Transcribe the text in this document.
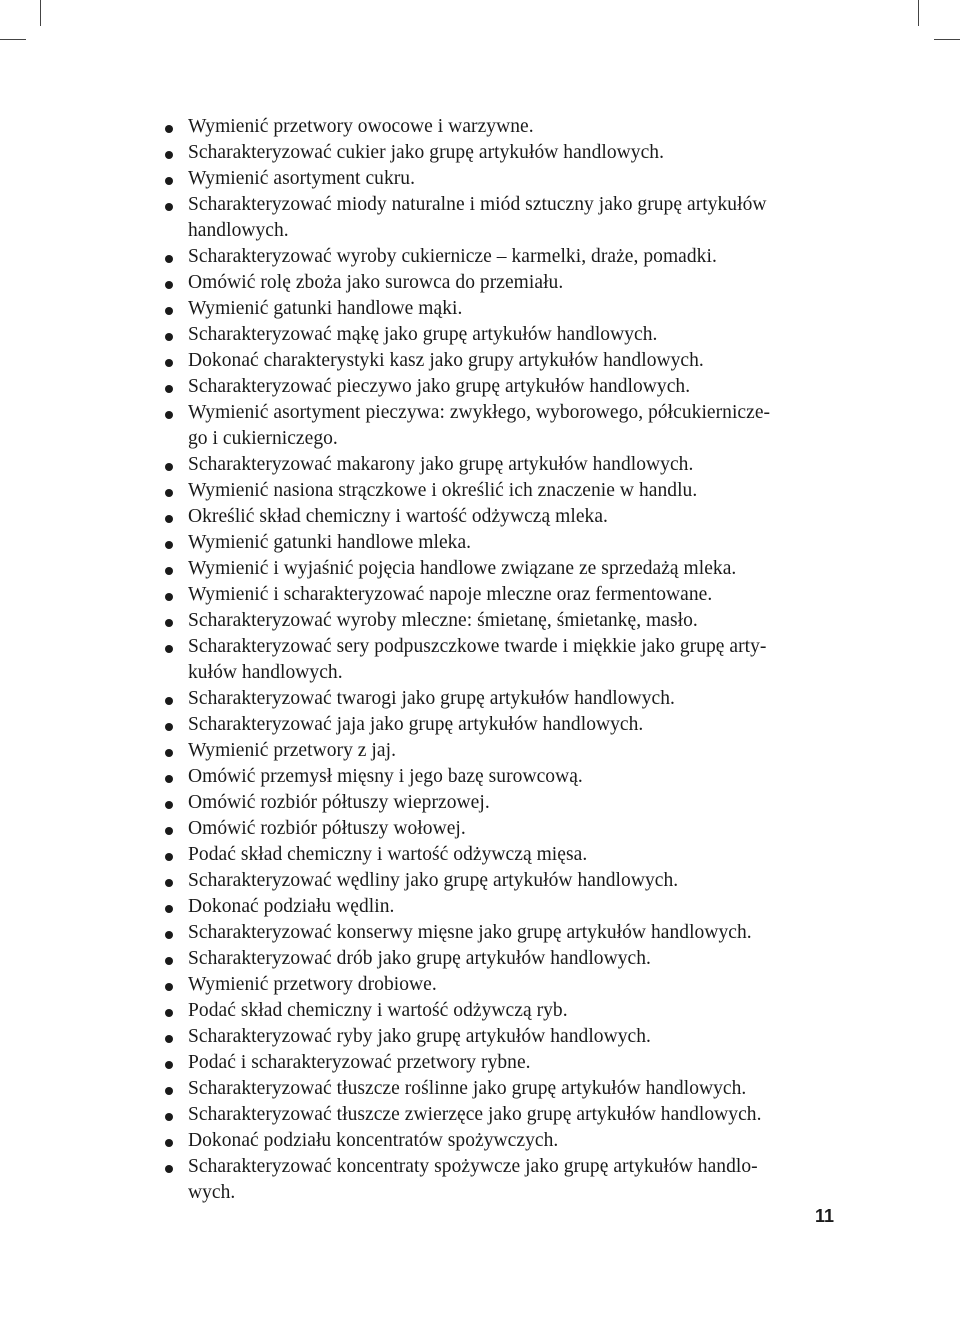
Wymienić przetwory owocowe i warzywne.
Scharakteryzować cukier jako grupę artykułów handlowych.
Wymienić asortyment cukru.
Scharakteryzować miody naturalne i miód sztuczny jako grupę artykułów
handlowych.
Scharakteryzować wyroby cukiernicze – karmelki, draże, pomadki.
Omówić rolę zboża jako surowca do przemiału.
Wymienić gatunki handlowe mąki.
Scharakteryzować mąkę jako grupę artykułów handlowych.
Dokonać charakterystyki kasz jako grupy artykułów handlowych.
Scharakteryzować pieczywo jako grupę artykułów handlowych.
Wymienić asortyment pieczywa: zwykłego, wyborowego, półcukiernicze-
go i cukierniczego.
Scharakteryzować makarony jako grupę artykułów handlowych.
Wymienić nasiona strączkowe i określić ich znaczenie w handlu.
Określić skład chemiczny i wartość odżywczą mleka.
Wymienić gatunki handlowe mleka.
Wymienić i wyjaśnić pojęcia handlowe związane ze sprzedażą mleka.
Wymienić i scharakteryzować napoje mleczne oraz fermentowane.
Scharakteryzować wyroby mleczne: śmietanę, śmietankę, masło.
Scharakteryzować sery podpuszczkowe twarde i miękkie jako grupę arty-
kułów handlowych.
Scharakteryzować twarogi jako grupę artykułów handlowych.
Scharakteryzować jaja jako grupę artykułów handlowych.
Wymienić przetwory z jaj.
Omówić przemysł mięsny i jego bazę surowcową.
Omówić rozbiór półtuszy wieprzowej.
Omówić rozbiór półtuszy wołowej.
Podać skład chemiczny i wartość odżywczą mięsa.
Scharakteryzować wędliny jako grupę artykułów handlowych.
Dokonać podziału wędlin.
Scharakteryzować konserwy mięsne jako grupę artykułów handlowych.
Scharakteryzować drób jako grupę artykułów handlowych.
Wymienić przetwory drobiowe.
Podać skład chemiczny i wartość odżywczą ryb.
Scharakteryzować ryby jako grupę artykułów handlowych.
Podać i scharakteryzować przetwory rybne.
Scharakteryzować tłuszcze roślinne jako grupę artykułów handlowych.
Scharakteryzować tłuszcze zwierzęce jako grupę artykułów handlowych.
Dokonać podziału koncentratów spożywczych.
Scharakteryzować koncentraty spożywcze jako grupę artykułów handlo-
wych.
11
